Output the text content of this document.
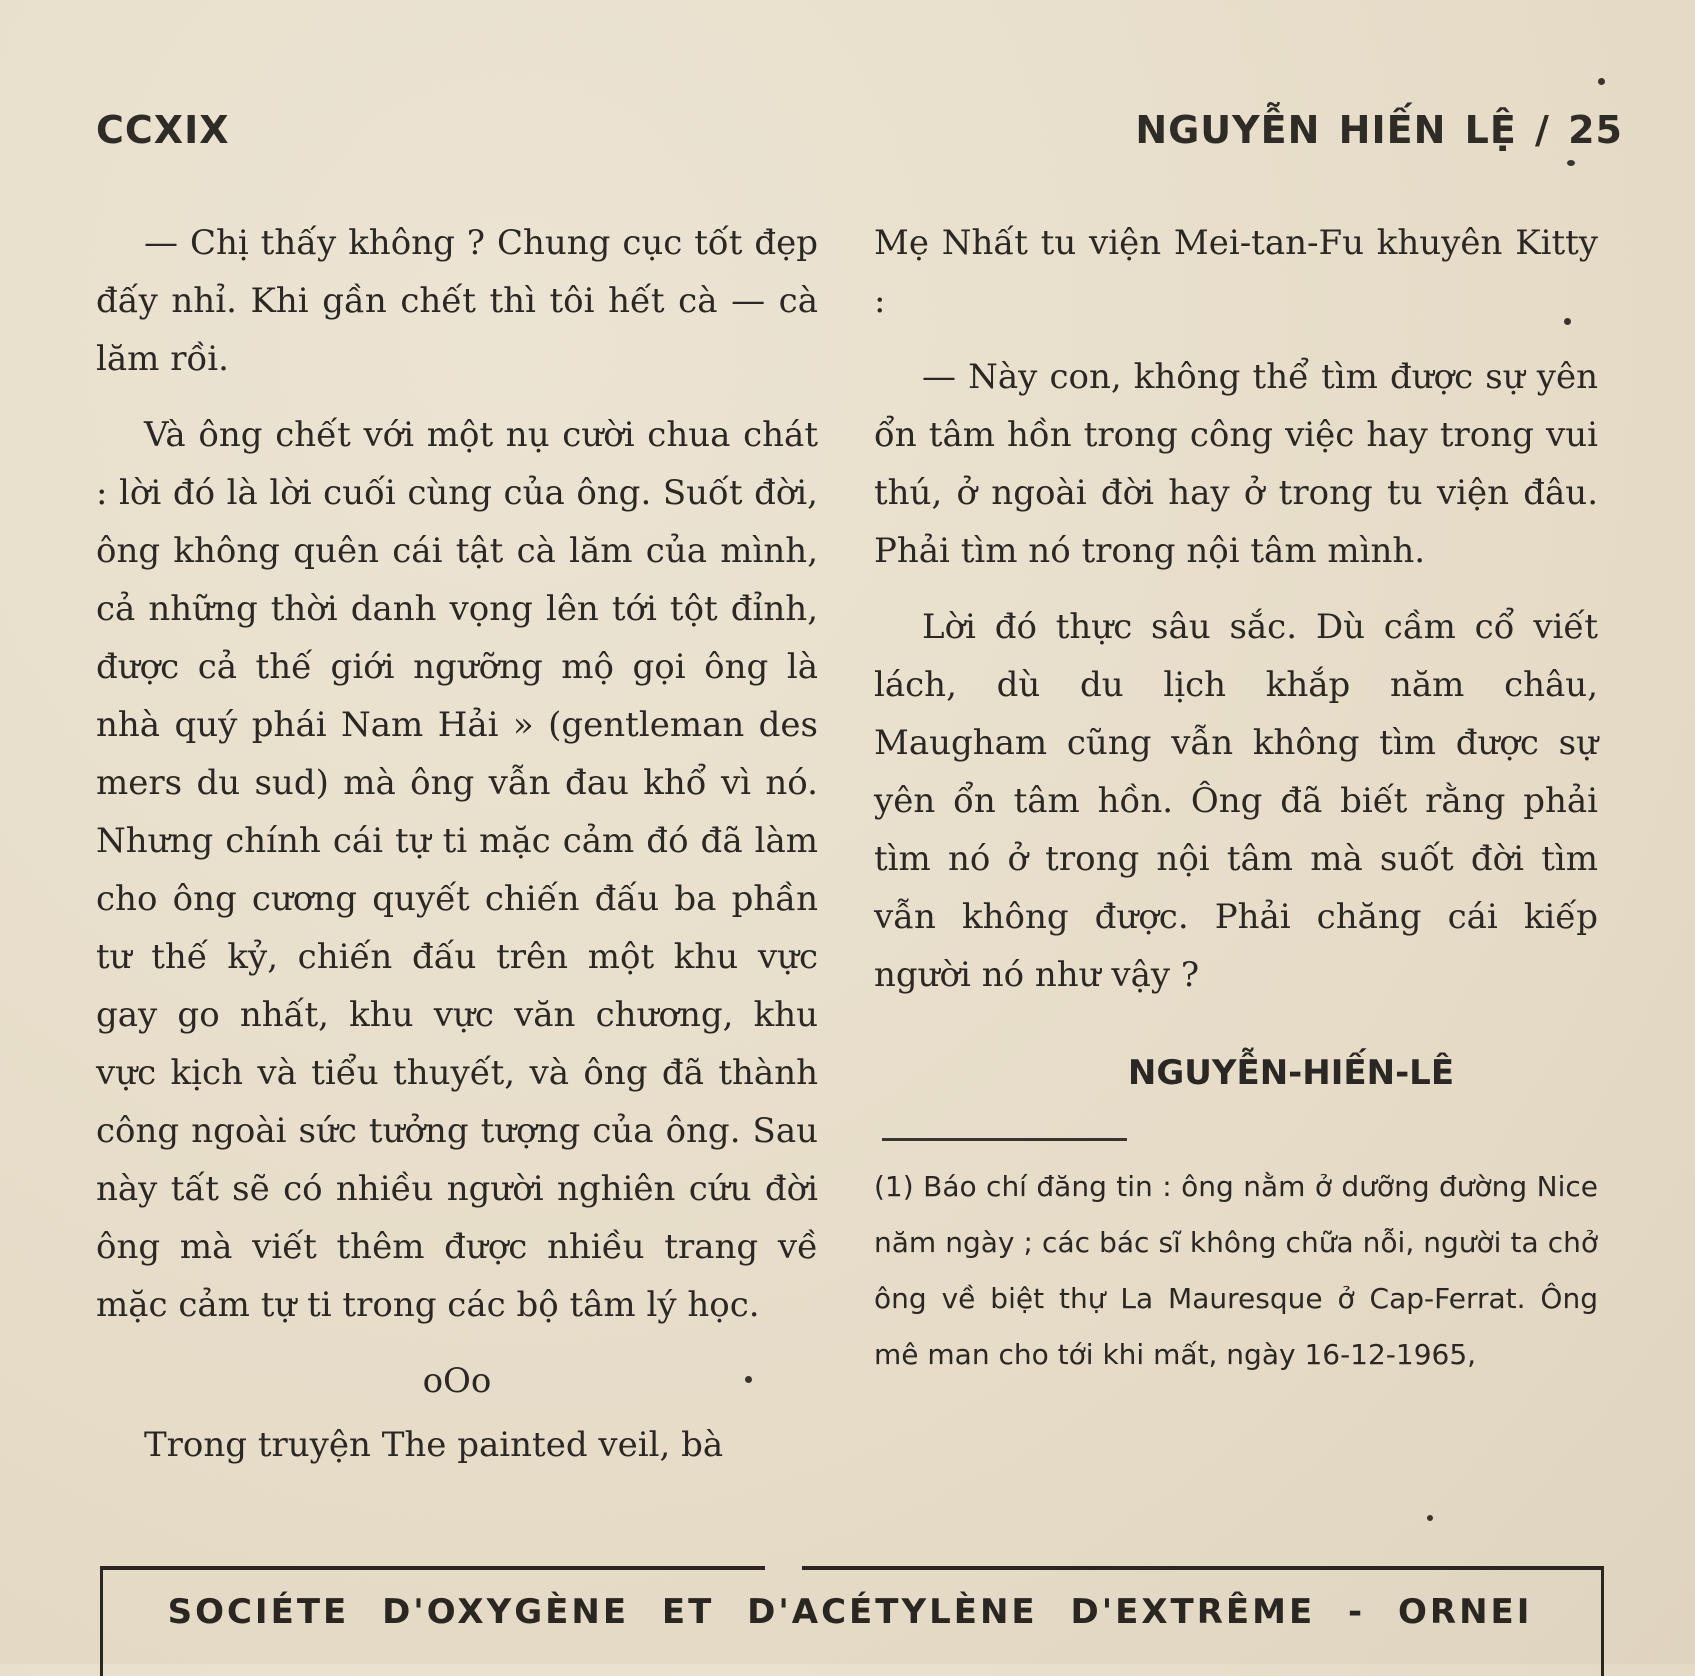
CCXIX	NGUYỄN HIẾN LỆ / 25

— Chị thấy không ? Chung cục tốt đẹp đấy nhỉ. Khi gần chết thì tôi hết cà — cà lăm rồi.

Và ông chết với một nụ cười chua chát : lời đó là lời cuối cùng của ông. Suốt đời, ông không quên cái tật cà lăm của mình, cả những thời danh vọng lên tới tột đỉnh, được cả thế giới ngưỡng mộ gọi ông là nhà quý phái Nam Hải » (gentleman des mers du sud) mà ông vẫn đau khổ vì nó. Nhưng chính cái tự ti mặc cảm đó đã làm cho ông cương quyết chiến đấu ba phần tư thế kỷ, chiến đấu trên một khu vực gay go nhất, khu vực văn chương, khu vực kịch và tiểu thuyết, và ông đã thành công ngoài sức tưởng tượng của ông. Sau này tất sẽ có nhiều người nghiên cứu đời ông mà viết thêm được nhiều trang về mặc cảm tự ti trong các bộ tâm lý học.

oOo

Trong truyện The painted veil, bà

Mẹ Nhất tu viện Mei-tan-Fu khuyên Kitty :

— Này con, không thể tìm được sự yên ổn tâm hồn trong công việc hay trong vui thú, ở ngoài đời hay ở trong tu viện đâu. Phải tìm nó trong nội tâm mình.

Lời đó thực sâu sắc. Dù cầm cổ viết lách, dù du lịch khắp năm châu, Maugham cũng vẫn không tìm được sự yên ổn tâm hồn. Ông đã biết rằng phải tìm nó ở trong nội tâm mà suốt đời tìm vẫn không được. Phải chăng cái kiếp người nó như vậy ?

NGUYỄN-HIẾN-LÊ
(1) Báo chí đăng tin : ông nằm ở dưỡng đường Nice năm ngày ; các bác sĩ không chữa nỗi, người ta chở ông về biệt thự La Mauresque ở Cap-Ferrat. Ông mê man cho tới khi mất, ngày 16-12-1965,
SOCIÉTE D'OXYGÈNE ET D'ACÉTYLÈNE D'EXTRÊME - ORNEI
